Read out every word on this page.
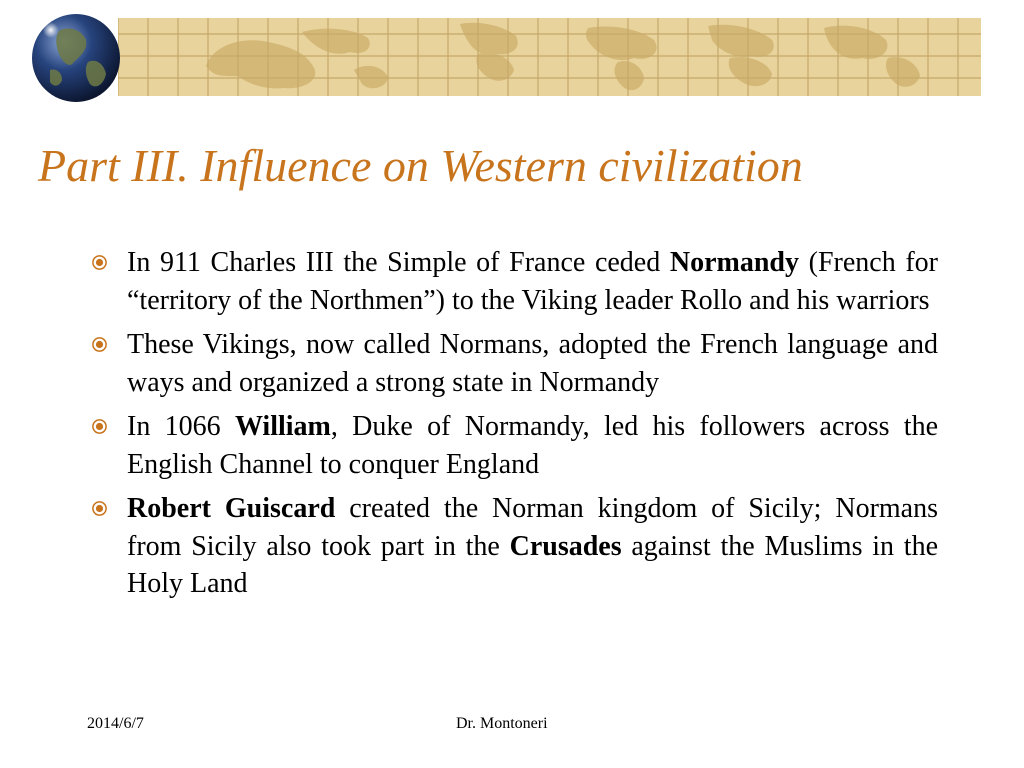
Part III. Influence on Western civilization
In 911 Charles III the Simple of France ceded Normandy (French for “territory of the Northmen”) to the Viking leader Rollo and his warriors
These Vikings, now called Normans, adopted the French language and ways and organized a strong state in Normandy
In 1066 William, Duke of Normandy, led his followers across the English Channel to conquer England
Robert Guiscard created the Norman kingdom of Sicily; Normans from Sicily also took part in the Crusades against the Muslims in the Holy Land
2014/6/7	Dr. Montoneri
